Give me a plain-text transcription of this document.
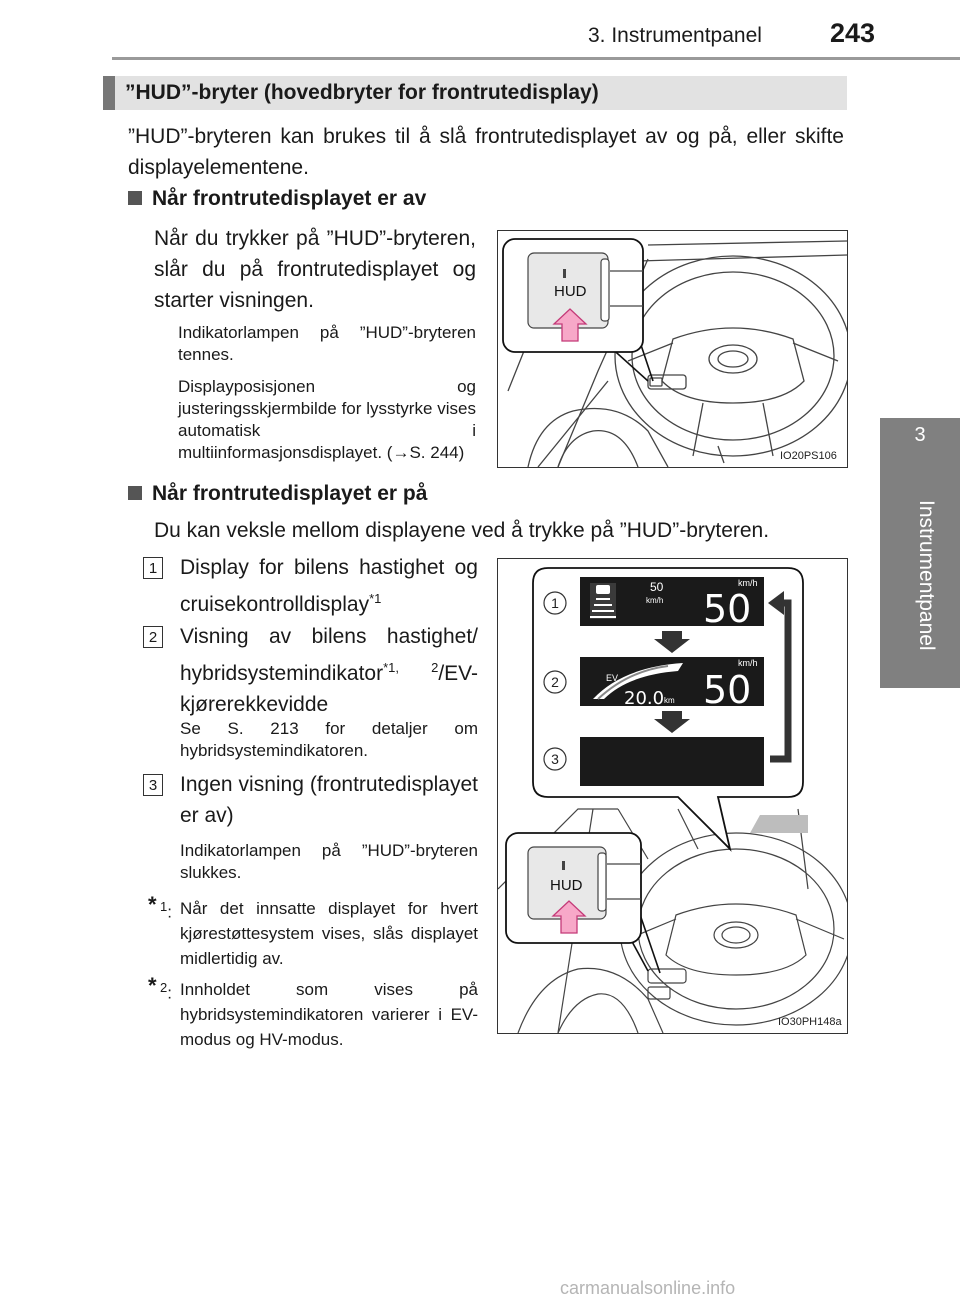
3. Instrumentpanel	243
3
Instrumentpanel
”HUD”-bryter (hovedbryter for frontrutedisplay)
”HUD”-bryteren kan brukes til å slå frontrutedisplayet av og på, eller skifte displayelementene.
Når frontrutedisplayet er av
Når du trykker på ”HUD”-bryteren, slår du på frontrutedisplayet og starter visningen.
Indikatorlampen på ”HUD”-bryteren tennes.
Displayposisjonen og justeringsskjermbilde for lysstyrke vises automatisk i multiinformasjonsdisplayet. (→S. 244)
HUD
IO20PS106
Når frontrutedisplayet er på
Du kan veksle mellom displayene ved å trykke på ”HUD”-bryteren.
1 Display for bilens hastighet og cruisekontrolldisplay$^{*1}$
2 Visning av bilens hastighet/ hybridsystemindikator$^{*1, 2}$/EV-kjørerekkevidde
Se S. 213 for detaljer om hybridsystemindikatoren.
3 Ingen visning (frontrutedisplayet er av)
Indikatorlampen på ”HUD”-bryteren slukkes.
* $^1$: Når det innsatte displayet for hvert kjørestøttesystem vises, slås displayet midlertidig av.
* $^2$: Innholdet som vises på hybridsystemindikatoren varierer i EV-modus og HV-modus.
50
km/h
km/h
50
EV
20.0 km
km/h
50
1
2
3
HUD
IO30PH148a
carmanualsonline.info
